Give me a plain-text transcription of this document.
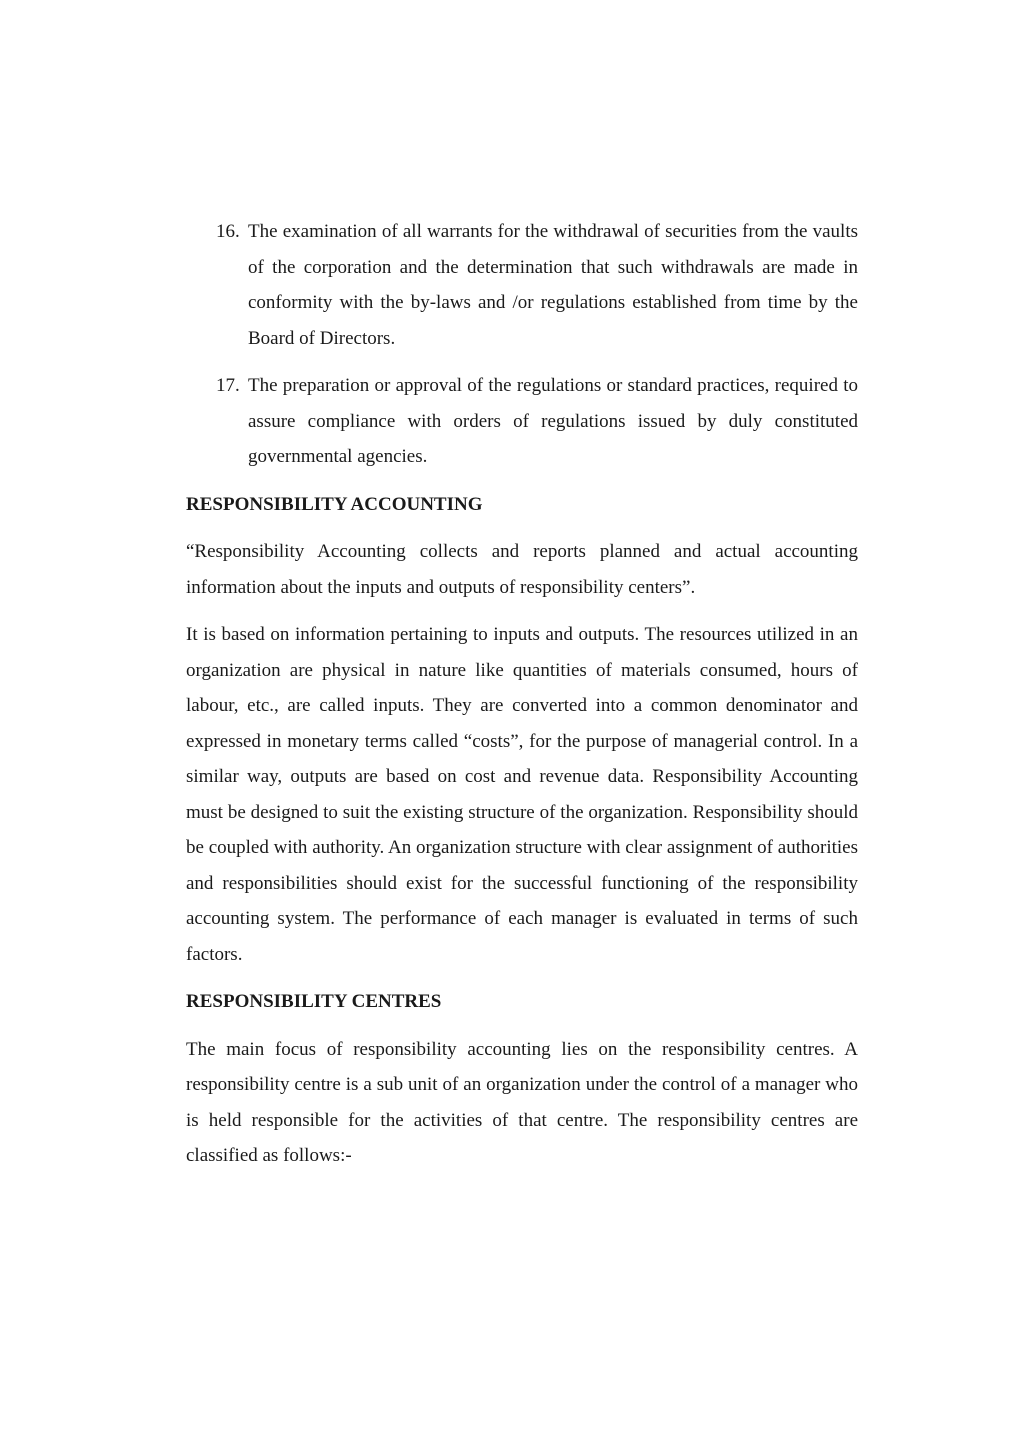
16. The examination of all warrants for the withdrawal of securities from the vaults of the corporation and the determination that such withdrawals are made in conformity with the by-laws and /or regulations established from time by the Board of Directors.
17. The preparation or approval of the regulations or standard practices, required to assure compliance with orders of regulations issued by duly constituted governmental agencies.
RESPONSIBILITY ACCOUNTING

“Responsibility Accounting collects and reports planned and actual accounting information about the inputs and outputs of responsibility centers”.

It is based on information pertaining to inputs and outputs. The resources utilized in an organization are physical in nature like quantities of materials consumed, hours of labour, etc., are called inputs. They are converted into a common denominator and expressed in monetary terms called “costs”, for the purpose of managerial control. In a similar way, outputs are based on cost and revenue data. Responsibility Accounting must be designed to suit the existing structure of the organization. Responsibility should be coupled with authority. An organization structure with clear assignment of authorities and responsibilities should exist for the successful functioning of the responsibility accounting system. The performance of each manager is evaluated in terms of such factors.

RESPONSIBILITY CENTRES

The main focus of responsibility accounting lies on the responsibility centres. A responsibility centre is a sub unit of an organization under the control of a manager who is held responsible for the activities of that centre. The responsibility centres are classified as follows:-
